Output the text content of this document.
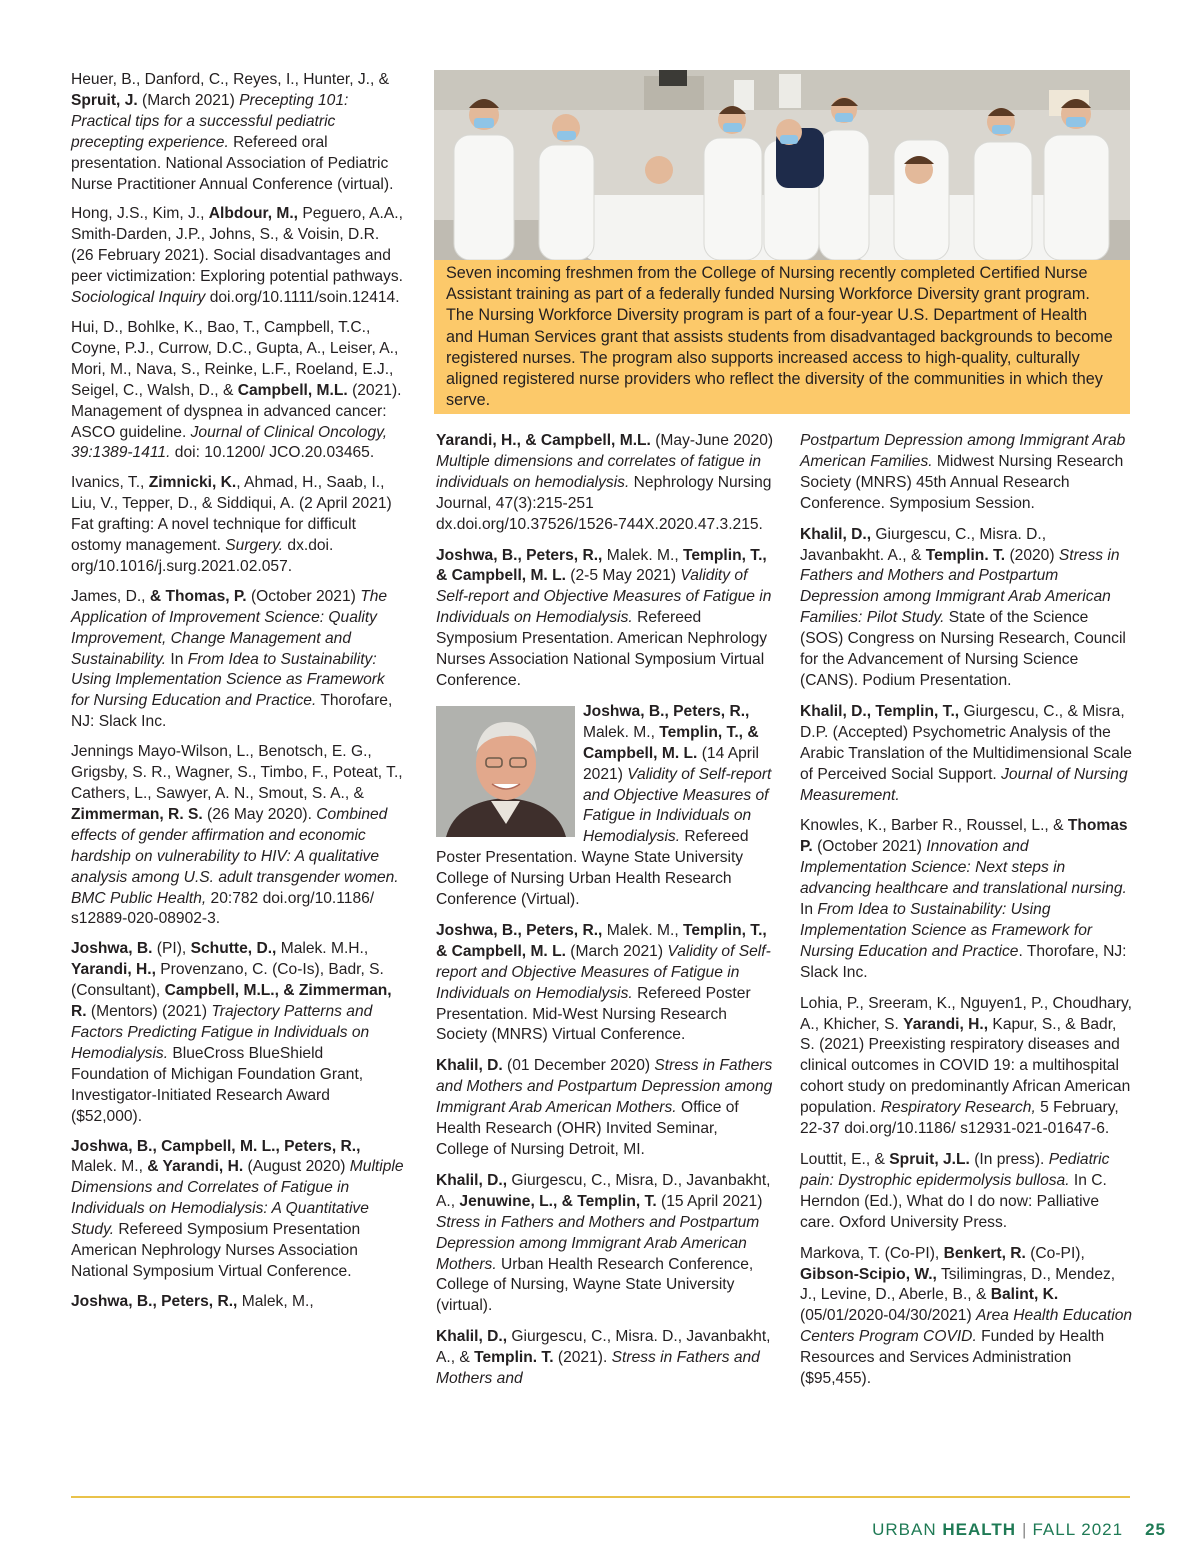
Heuer, B., Danford, C., Reyes, I., Hunter, J., & Spruit, J. (March 2021) Precepting 101: Practical tips for a successful pediatric precepting experience. Refereed oral presentation. National Association of Pediatric Nurse Practitioner Annual Conference (virtual).

Hong, J.S., Kim, J., Albdour, M., Peguero, A.A., Smith-Darden, J.P., Johns, S., & Voisin, D.R. (26 February 2021). Social disadvantages and peer victimization: Exploring potential pathways. Sociological Inquiry doi.org/10.1111/soin.12414.

Hui, D., Bohlke, K., Bao, T., Campbell, T.C., Coyne, P.J., Currow, D.C., Gupta, A., Leiser, A., Mori, M., Nava, S., Reinke, L.F., Roeland, E.J., Seigel, C., Walsh, D., & Campbell, M.L. (2021). Management of dyspnea in advanced cancer: ASCO guideline. Journal of Clinical Oncology, 39:1389-1411. doi: 10.1200/ JCO.20.03465.

Ivanics, T., Zimnicki, K., Ahmad, H., Saab, I., Liu, V., Tepper, D., & Siddiqui, A. (2 April 2021) Fat grafting: A novel technique for difficult ostomy management. Surgery. dx.doi. org/10.1016/j.surg.2021.02.057.

James, D., & Thomas, P. (October 2021) The Application of Improvement Science: Quality Improvement, Change Management and Sustainability. In From Idea to Sustainability: Using Implementation Science as Framework for Nursing Education and Practice. Thorofare, NJ: Slack Inc.

Jennings Mayo-Wilson, L., Benotsch, E. G., Grigsby, S. R., Wagner, S., Timbo, F., Poteat, T., Cathers, L., Sawyer, A. N., Smout, S. A., & Zimmerman, R. S. (26 May 2020). Combined effects of gender affirmation and economic hardship on vulnerability to HIV: A qualitative analysis among U.S. adult transgender women. BMC Public Health, 20:782 doi.org/10.1186/ s12889-020-08902-3.

Joshwa, B. (PI), Schutte, D., Malek. M.H., Yarandi, H., Provenzano, C. (Co-Is), Badr, S. (Consultant), Campbell, M.L., & Zimmerman, R. (Mentors) (2021) Trajectory Patterns and Factors Predicting Fatigue in Individuals on Hemodialysis. BlueCross BlueShield Foundation of Michigan Foundation Grant, Investigator-Initiated Research Award ($52,000).

Joshwa, B., Campbell, M. L., Peters, R., Malek. M., & Yarandi, H. (August 2020) Multiple Dimensions and Correlates of Fatigue in Individuals on Hemodialysis: A Quantitative Study. Refereed Symposium Presentation American Nephrology Nurses Association National Symposium Virtual Conference.

Joshwa, B., Peters, R., Malek, M.,

Seven incoming freshmen from the College of Nursing recently completed Certified Nurse Assistant training as part of a federally funded Nursing Workforce Diversity grant program. The Nursing Workforce Diversity program is part of a four-year U.S. Department of Health and Human Services grant that assists students from disadvantaged backgrounds to become registered nurses. The program also supports increased access to high-quality, culturally aligned registered nurse providers who reflect the diversity of the communities in which they serve.

Yarandi, H., & Campbell, M.L. (May-June 2020) Multiple dimensions and correlates of fatigue in individuals on hemodialysis. Nephrology Nursing Journal, 47(3):215-251 dx.doi.org/10.37526/1526-744X.2020.47.3.215.

Joshwa, B., Peters, R., Malek. M., Templin, T., & Campbell, M. L. (2-5 May 2021) Validity of Self-report and Objective Measures of Fatigue in Individuals on Hemodialysis. Refereed Symposium Presentation. American Nephrology Nurses Association National Symposium Virtual Conference.

Joshwa, B., Peters, R., Malek. M., Templin, T., & Campbell, M. L. (14 April 2021) Validity of Self-report and Objective Measures of Fatigue in Individuals on Hemodialysis. Refereed Poster Presentation. Wayne State University College of Nursing Urban Health Research Conference (Virtual).

Joshwa, B., Peters, R., Malek. M., Templin, T., & Campbell, M. L. (March 2021) Validity of Self-report and Objective Measures of Fatigue in Individuals on Hemodialysis. Refereed Poster Presentation. Mid-West Nursing Research Society (MNRS) Virtual Conference.

Khalil, D. (01 December 2020) Stress in Fathers and Mothers and Postpartum Depression among Immigrant Arab American Mothers. Office of Health Research (OHR) Invited Seminar, College of Nursing Detroit, MI.

Khalil, D., Giurgescu, C., Misra, D., Javanbakht, A., Jenuwine, L., & Templin, T. (15 April 2021) Stress in Fathers and Mothers and Postpartum Depression among Immigrant Arab American Mothers. Urban Health Research Conference, College of Nursing, Wayne State University (virtual).

Khalil, D., Giurgescu, C., Misra. D., Javanbakht, A., & Templin. T. (2021). Stress in Fathers and Mothers and

Postpartum Depression among Immigrant Arab American Families. Midwest Nursing Research Society (MNRS) 45th Annual Research Conference. Symposium Session.

Khalil, D., Giurgescu, C., Misra. D., Javanbakht. A., & Templin. T. (2020) Stress in Fathers and Mothers and Postpartum Depression among Immigrant Arab American Families: Pilot Study. State of the Science (SOS) Congress on Nursing Research, Council for the Advancement of Nursing Science (CANS). Podium Presentation.

Khalil, D., Templin, T., Giurgescu, C., & Misra, D.P. (Accepted) Psychometric Analysis of the Arabic Translation of the Multidimensional Scale of Perceived Social Support. Journal of Nursing Measurement.

Knowles, K., Barber R., Roussel, L., & Thomas P. (October 2021) Innovation and Implementation Science: Next steps in advancing healthcare and translational nursing. In From Idea to Sustainability: Using Implementation Science as Framework for Nursing Education and Practice. Thorofare, NJ: Slack Inc.

Lohia, P., Sreeram, K., Nguyen1, P., Choudhary, A., Khicher, S. Yarandi, H., Kapur, S., & Badr, S. (2021) Preexisting respiratory diseases and clinical outcomes in COVID 19: a multihospital cohort study on predominantly African American population. Respiratory Research, 5 February, 22-37 doi.org/10.1186/ s12931-021-01647-6.

Louttit, E., & Spruit, J.L. (In press). Pediatric pain: Dystrophic epidermolysis bullosa. In C. Herndon (Ed.), What do I do now: Palliative care. Oxford University Press.

Markova, T. (Co-PI), Benkert, R. (Co-PI), Gibson-Scipio, W., Tsilimingras, D., Mendez, J., Levine, D., Aberle, B., & Balint, K. (05/01/2020-04/30/2021) Area Health Education Centers Program COVID. Funded by Health Resources and Services Administration ($95,455).

URBAN HEALTH | FALL 2021 25
